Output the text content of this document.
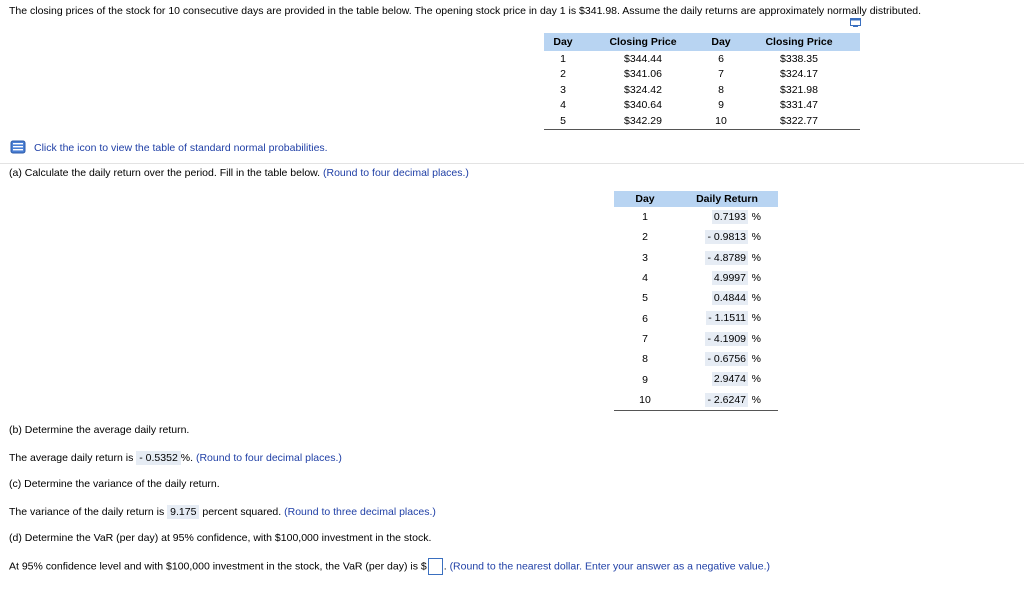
The closing prices of the stock for 10 consecutive days are provided in the table below. The opening stock price in day 1 is $341.98. Assume the daily returns are approximately normally distributed.
Day	Closing Price	Day	Closing Price
1	$344.44	6	$338.35
2	$341.06	7	$324.17
3	$324.42	8	$321.98
4	$340.64	9	$331.47
5	$342.29	10	$322.77
Click the icon to view the table of standard normal probabilities.
(a) Calculate the daily return over the period. Fill in the table below. (Round to four decimal places.)
Day	Daily Return
1	0.7193 %

2	- 0.9813 %

3	- 4.8789 %

4	4.9997 %

5	0.4844 %

6	- 1.1511 %

7	- 4.1909 %

8	- 0.6756 %

9	2.9474 %

10	- 2.6247 %
(b) Determine the average daily return.
The average daily return is - 0.5352 %. (Round to four decimal places.)
(c) Determine the variance of the daily return.
The variance of the daily return is 9.175 percent squared. (Round to three decimal places.)
(d) Determine the VaR (per day) at 95% confidence, with $100,000 investment in the stock.
At 95% confidence level and with $100,000 investment in the stock, the VaR (per day) is $ . (Round to the nearest dollar. Enter your answer as a negative value.)
